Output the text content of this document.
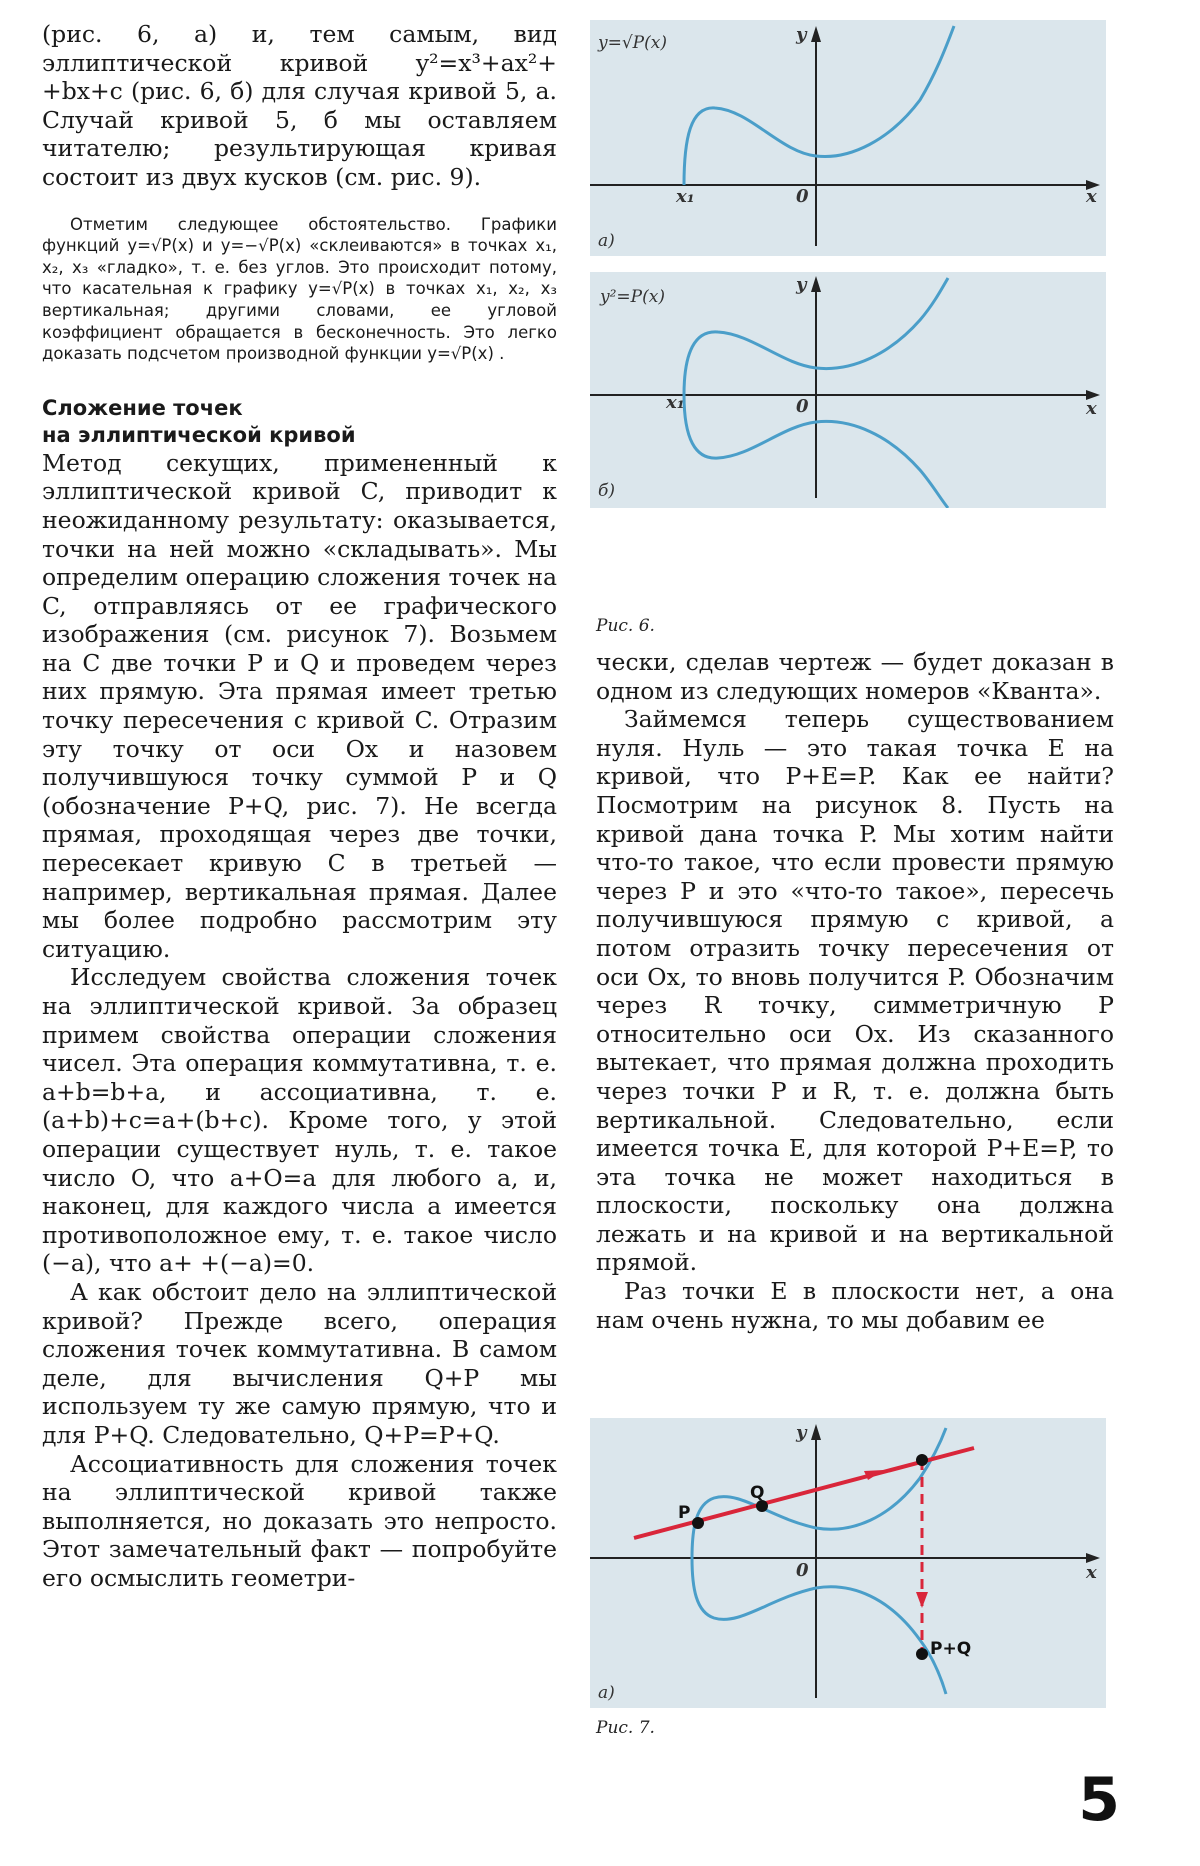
(рис. 6, а) и, тем самым, вид эллиптической кривой y²=x³+ax²+ +bx+c (рис. 6, б) для случая кривой 5, а. Случай кривой 5, б мы оставляем читателю; результирующая кривая состоит из двух кусков (см. рис. 9).

Отметим следующее обстоятельство. Графики функций y=√P(x) и y=−√P(x) «склеиваются» в точках x₁, x₂, x₃ «гладко», т. е. без углов. Это происходит потому, что касательная к графику y=√P(x) в точках x₁, x₂, x₃ вертикальная; другими словами, ее угловой коэффициент обращается в бесконечность. Это легко доказать подсчетом производной функции y=√P(x) .

Сложение точек
на эллиптической кривой

Метод секущих, примененный к эллиптической кривой C, приводит к неожиданному результату: оказывается, точки на ней можно «складывать». Мы определим операцию сложения точек на C, отправляясь от ее графического изображения (см. рисунок 7). Возьмем на C две точки P и Q и проведем через них прямую. Эта прямая имеет третью точку пересечения с кривой C. Отразим эту точку от оси Ox и назовем получившуюся точку суммой P и Q (обозначение P+Q, рис. 7). Не всегда прямая, проходящая через две точки, пересекает кривую C в третьей — например, вертикальная прямая. Далее мы более подробно рассмотрим эту ситуацию.

Исследуем свойства сложения точек на эллиптической кривой. За образец примем свойства операции сложения чисел. Эта операция коммутативна, т. е. a+b=b+a, и ассоциативна, т. е. (a+b)+c=a+(b+c). Кроме того, у этой операции существует нуль, т. е. такое число O, что a+O=a для любого a, и, наконец, для каждого числа a имеется противоположное ему, т. е. такое число (−a), что a+ +(−a)=0.

А как обстоит дело на эллиптической кривой? Прежде всего, операция сложения точек коммутативна. В самом деле, для вычисления Q+P мы используем ту же самую прямую, что и для P+Q. Следовательно, Q+P=P+Q.

Ассоциативность для сложения точек на эллиптической кривой также выполняется, но доказать это непросто. Этот замечательный факт — попробуйте его осмыслить геометри-

y=√P(x)
x₁	0	x
y
а)
y²=P(x)
x₁	0	x
y
б)
Рис. 6.

чески, сделав чертеж — будет доказан в одном из следующих номеров «Кванта».

Займемся теперь существованием нуля. Нуль — это такая точка E на кривой, что P+E=P. Как ее найти? Посмотрим на рисунок 8. Пусть на кривой дана точка P. Мы хотим найти что-то такое, что если провести прямую через P и это «что-то такое», пересечь получившуюся прямую с кривой, а потом отразить точку пересечения от оси Ox, то вновь получится P. Обозначим через R точку, симметричную P относительно оси Ox. Из сказанного вытекает, что прямая должна проходить через точки P и R, т. е. должна быть вертикальной. Следовательно, если имеется точка E, для которой P+E=P, то эта точка не может находиться в плоскости, поскольку она должна лежать и на кривой и на вертикальной прямой.

Раз точки E в плоскости нет, а она нам очень нужна, то мы добавим ее

P
Q
P+Q
0	x
y
а)
Рис. 7.
5
